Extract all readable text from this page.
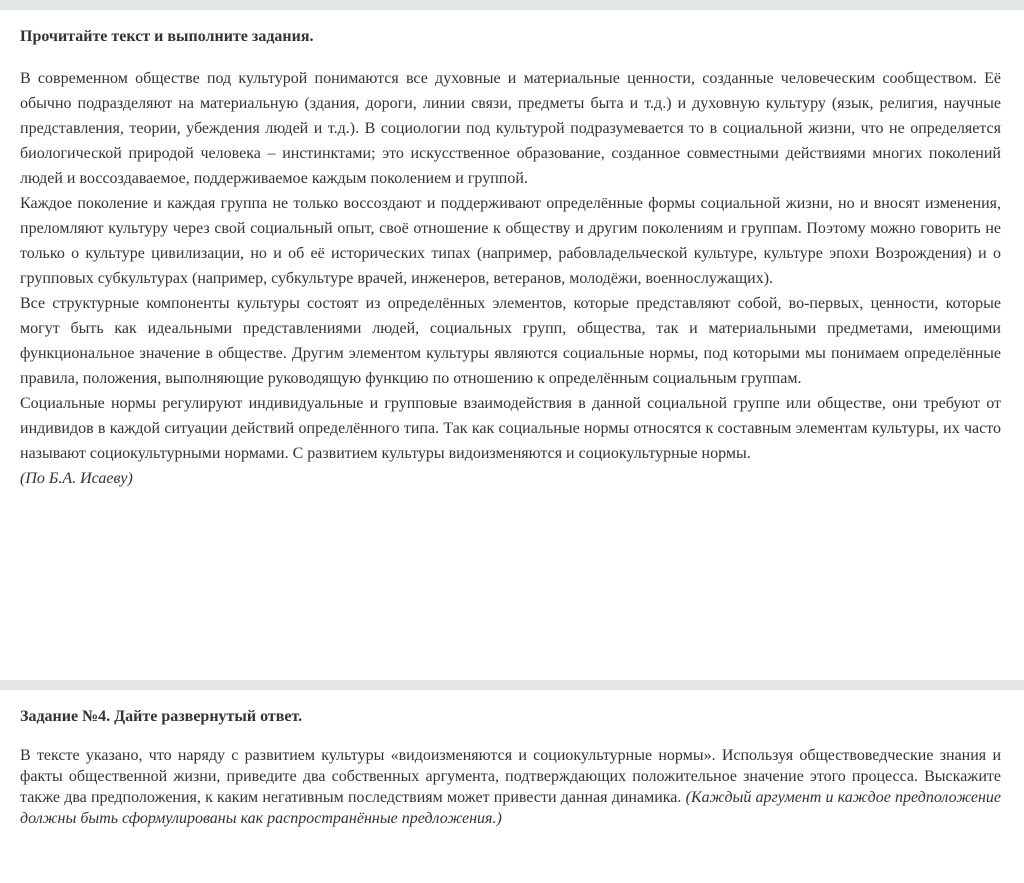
Прочитайте текст и выполните задания.

В современном обществе под культурой понимаются все духовные и материальные ценности, созданные человеческим сообществом. Её обычно подразделяют на материальную (здания, дороги, линии связи, предметы быта и т.д.) и духовную культуру (язык, религия, научные представления, теории, убеждения людей и т.д.). В социологии под культурой подразумевается то в социальной жизни, что не определяется биологической природой человека – инстинктами; это искусственное образование, созданное совместными действиями многих поколений людей и воссоздаваемое, поддерживаемое каждым поколением и группой.

Каждое поколение и каждая группа не только воссоздают и поддерживают определённые формы социальной жизни, но и вносят изменения, преломляют культуру через свой социальный опыт, своё отношение к обществу и другим поколениям и группам. Поэтому можно говорить не только о культуре цивилизации, но и об её исторических типах (например, рабовладельческой культуре, культуре эпохи Возрождения) и о групповых субкультурах (например, субкультуре врачей, инженеров, ветеранов, молодёжи, военнослужащих).

Все структурные компоненты культуры состоят из определённых элементов, которые представляют собой, во-первых, ценности, которые могут быть как идеальными представлениями людей, социальных групп, общества, так и материальными предметами, имеющими функциональное значение в обществе. Другим элементом культуры являются социальные нормы, под которыми мы понимаем определённые правила, положения, выполняющие руководящую функцию по отношению к определённым социальным группам.

Социальные нормы регулируют индивидуальные и групповые взаимодействия в данной социальной группе или обществе, они требуют от индивидов в каждой ситуации действий определённого типа. Так как социальные нормы относятся к составным элементам культуры, их часто называют социокультурными нормами. С развитием культуры видоизменяются и социокультурные нормы.

(По Б.А. Исаеву)

Задание №4. Дайте развернутый ответ.

В тексте указано, что наряду с развитием культуры «видоизменяются и социокультурные нормы». Используя обществоведческие знания и факты общественной жизни, приведите два собственных аргумента, подтверждающих положительное значение этого процесса. Выскажите также два предположения, к каким негативным последствиям может привести данная динамика. (Каждый аргумент и каждое предположение должны быть сформулированы как распространённые предложения.)
